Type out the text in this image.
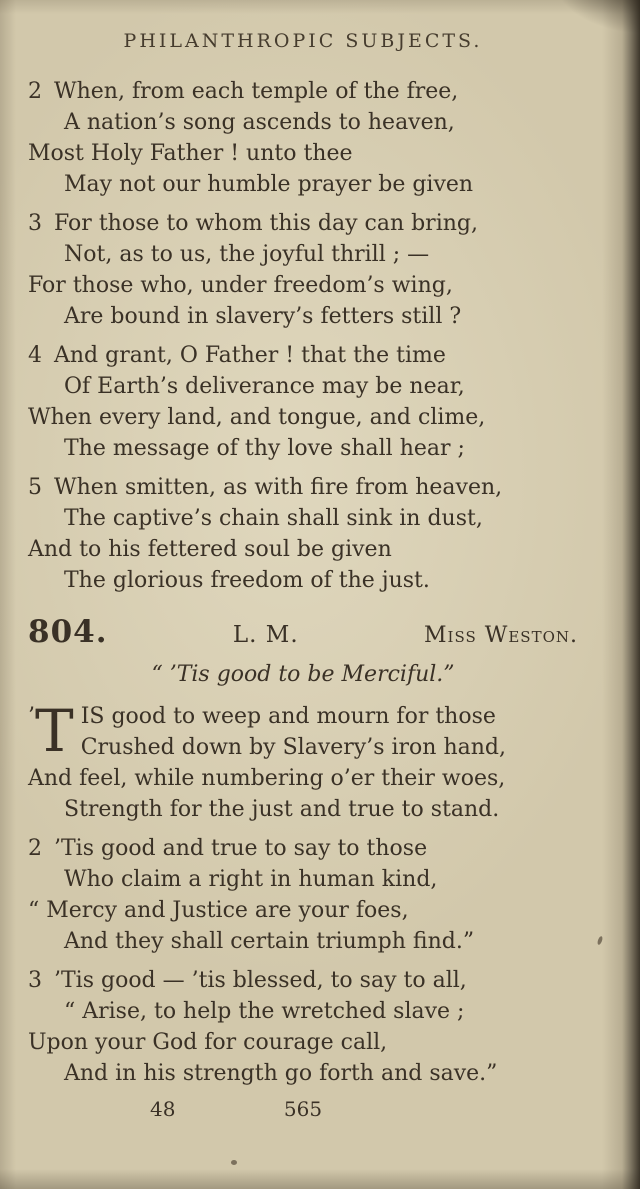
PHILANTHROPIC SUBJECTS.
2 When, from each temple of the free,
A nation’s song ascends to heaven,
Most Holy Father ! unto thee
May not our humble prayer be given
3 For those to whom this day can bring,
Not, as to us, the joyful thrill ; —
For those who, under freedom’s wing,
Are bound in slavery’s fetters still ?
4 And grant, O Father ! that the time
Of Earth’s deliverance may be near,
When every land, and tongue, and clime,
The message of thy love shall hear ;
5 When smitten, as with fire from heaven,
The captive’s chain shall sink in dust,
And to his fettered soul be given
The glorious freedom of the just.
804.	L. M.	Miss Weston.
“ ’Tis good to be Merciful.”
’ T IS good to weep and mourn for those
Crushed down by Slavery’s iron hand,
And feel, while numbering o’er their woes,
Strength for the just and true to stand.
2 ’Tis good and true to say to those
Who claim a right in human kind,
“ Mercy and Justice are your foes,
And they shall certain triumph find.”
3 ’Tis good — ’tis blessed, to say to all,
“ Arise, to help the wretched slave ;
Upon your God for courage call,
And in his strength go forth and save.”
48	565
